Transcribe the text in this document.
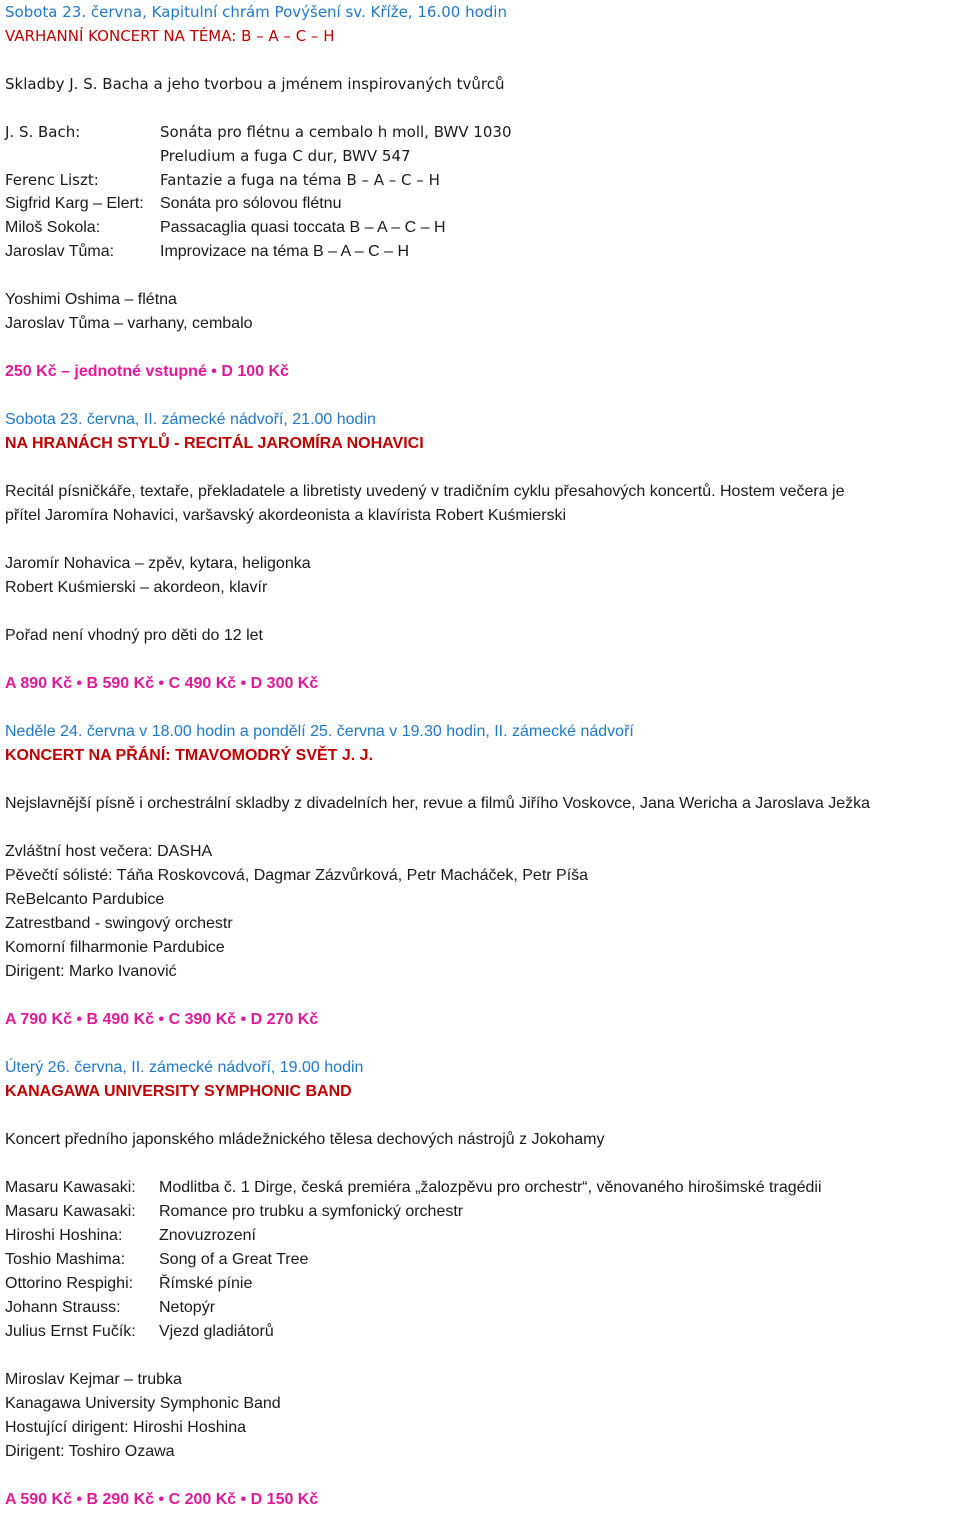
Sobota 23. června, Kapitulní chrám Povýšení sv. Kříže, 16.00 hodin
VARHANNÍ KONCERT NA TÉMA: B – A – C – H
Skladby J. S. Bacha a jeho tvorbou a jménem inspirovaných tvůrců
J. S. Bach:	Sonáta pro flétnu a cembalo h moll, BWV 1030
Preludium a fuga C dur, BWV 547
Ferenc Liszt:	Fantazie a fuga na téma B – A – C – H
Sigfrid Karg – Elert:	Sonáta pro sólovou flétnu
Miloš Sokola:	Passacaglia quasi toccata B – A – C – H
Jaroslav Tůma:	Improvizace na téma B – A – C – H
Yoshimi Oshima – flétna
Jaroslav Tůma – varhany, cembalo
250 Kč – jednotné vstupné • D 100 Kč
Sobota 23. června, II. zámecké nádvoří, 21.00 hodin
NA HRANÁCH STYLŮ - RECITÁL JAROMÍRA NOHAVICI
Recitál písničkáře, textaře, překladatele a libretisty uvedený v tradičním cyklu přesahových koncertů. Hostem večera je
přítel Jaromíra Nohavici, varšavský akordeonista a klavírista Robert Kuśmierski
Jaromír Nohavica – zpěv, kytara, heligonka
Robert Kuśmierski – akordeon, klavír
Pořad není vhodný pro děti do 12 let
A 890 Kč • B 590 Kč • C 490 Kč • D 300 Kč
Neděle 24. června v 18.00 hodin a pondělí 25. června v 19.30 hodin, II. zámecké nádvoří
KONCERT NA PŘÁNÍ: TMAVOMODRÝ SVĚT J. J.
Nejslavnější písně i orchestrální skladby z divadelních her, revue a filmů Jiřího Voskovce, Jana Wericha a Jaroslava Ježka
Zvláštní host večera: DASHA
Pěvečtí sólisté: Táňa Roskovcová, Dagmar Zázvůrková, Petr Macháček, Petr Píša
ReBelcanto Pardubice
Zatrestband - swingový orchestr
Komorní filharmonie Pardubice
Dirigent: Marko Ivanović
A 790 Kč • B 490 Kč • C 390 Kč • D 270 Kč
Úterý 26. června, II. zámecké nádvoří, 19.00 hodin
KANAGAWA UNIVERSITY SYMPHONIC BAND
Koncert předního japonského mládežnického tělesa dechových nástrojů z Jokohamy
Masaru Kawasaki:	Modlitba č. 1 Dirge, česká premiéra „žalozpěvu pro orchestr“, věnovaného hirošimské tragédii
Masaru Kawasaki:	Romance pro trubku a symfonický orchestr
Hiroshi Hoshina:	Znovuzrození
Toshio Mashima:	Song of a Great Tree
Ottorino Respighi:	Římské pínie
Johann Strauss:	Netopýr
Julius Ernst Fučík:	Vjezd gladiátorů
Miroslav Kejmar – trubka
Kanagawa University Symphonic Band
Hostující dirigent: Hiroshi Hoshina
Dirigent: Toshiro Ozawa
A 590 Kč • B 290 Kč • C 200 Kč • D 150 Kč
